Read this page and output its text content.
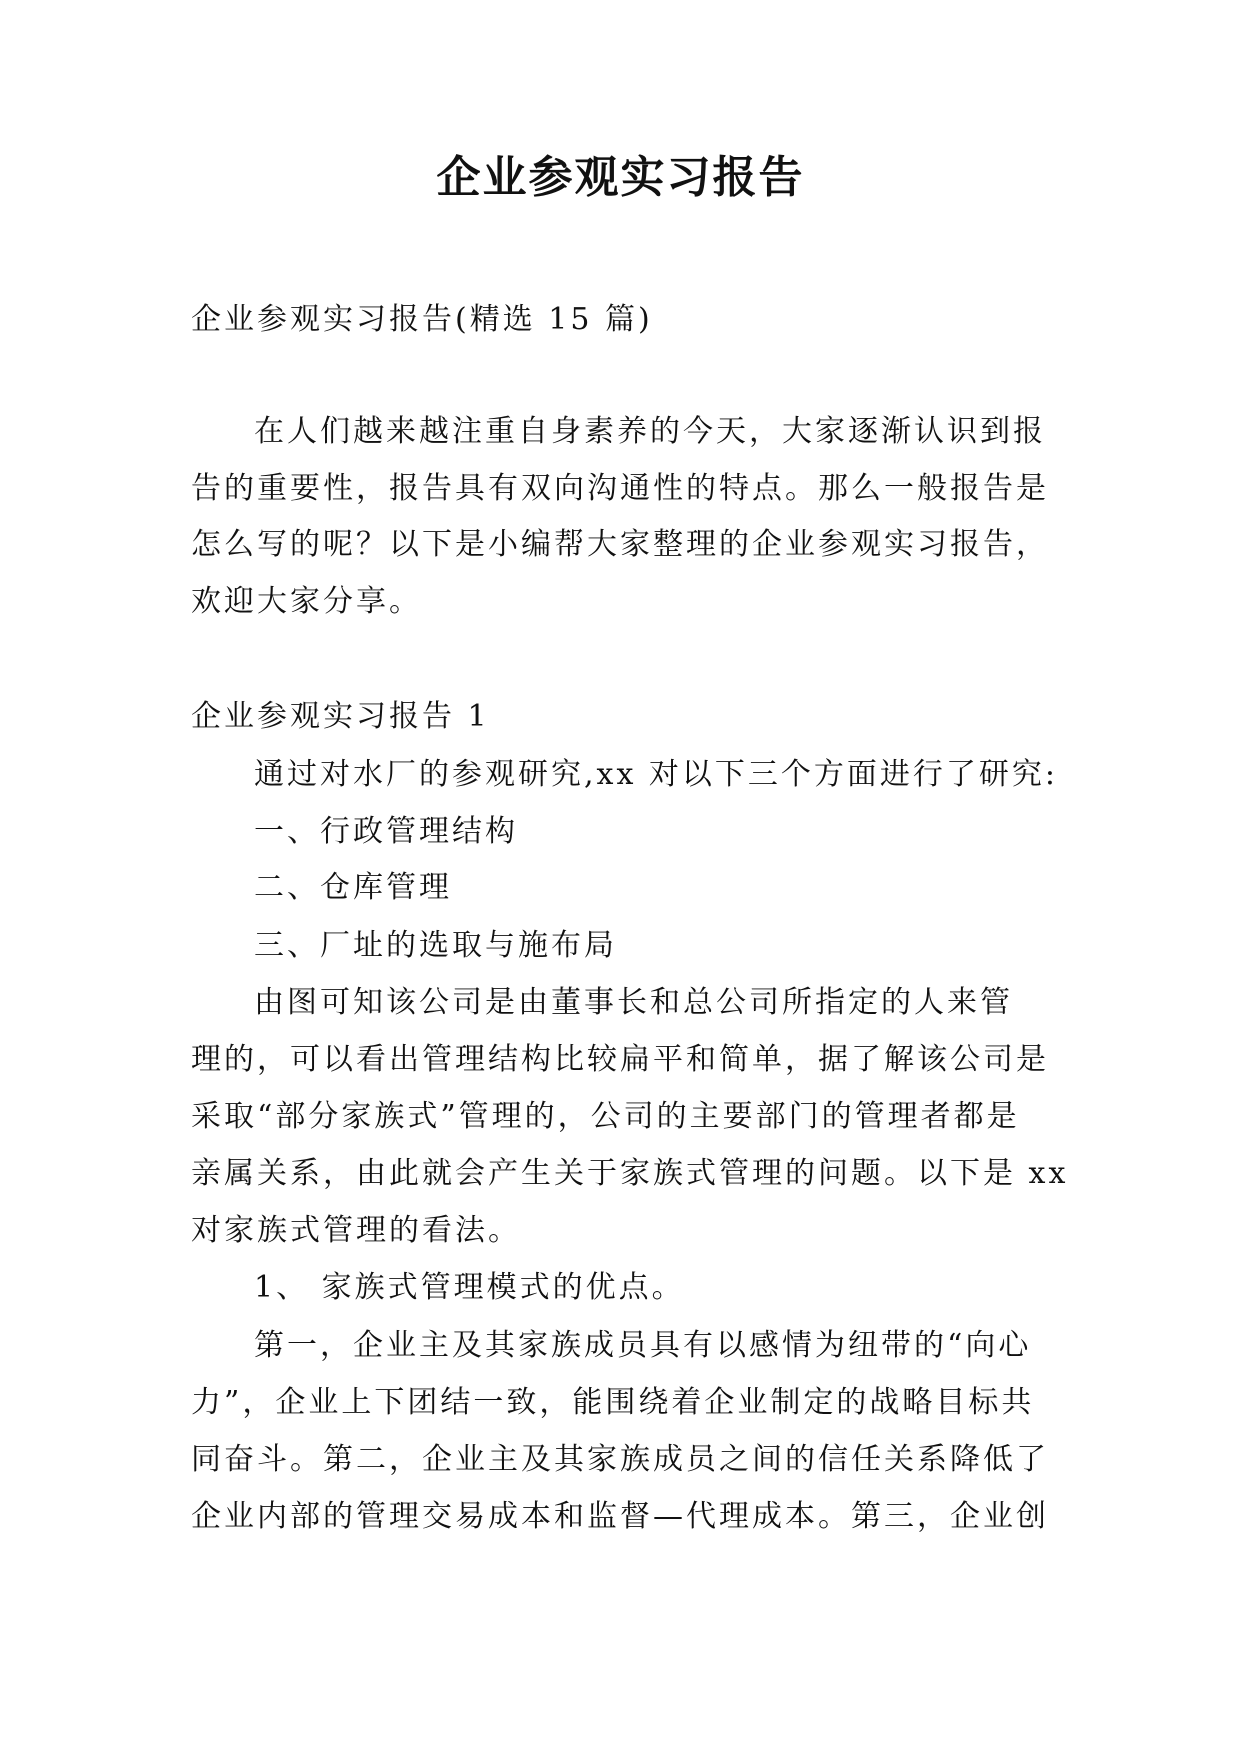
企业参观实习报告

企业参观实习报告(精选 15 篇)

在人们越来越注重自身素养的今天，大家逐渐认识到报

告的重要性，报告具有双向沟通性的特点。那么一般报告是

怎么写的呢？以下是小编帮大家整理的企业参观实习报告，

欢迎大家分享。

企业参观实习报告 1

通过对水厂的参观研究,xx 对以下三个方面进行了研究:

一、行政管理结构

二、仓库管理

三、厂址的选取与施布局

由图可知该公司是由董事长和总公司所指定的人来管

理的，可以看出管理结构比较扁平和简单，据了解该公司是

采取“部分家族式”管理的，公司的主要部门的管理者都是

亲属关系，由此就会产生关于家族式管理的问题。以下是 xx

对家族式管理的看法。

1、 家族式管理模式的优点。

第一，企业主及其家族成员具有以感情为纽带的“向心

力”，企业上下团结一致，能围绕着企业制定的战略目标共

同奋斗。第二，企业主及其家族成员之间的信任关系降低了

企业内部的管理交易成本和监督—代理成本。第三，企业创
